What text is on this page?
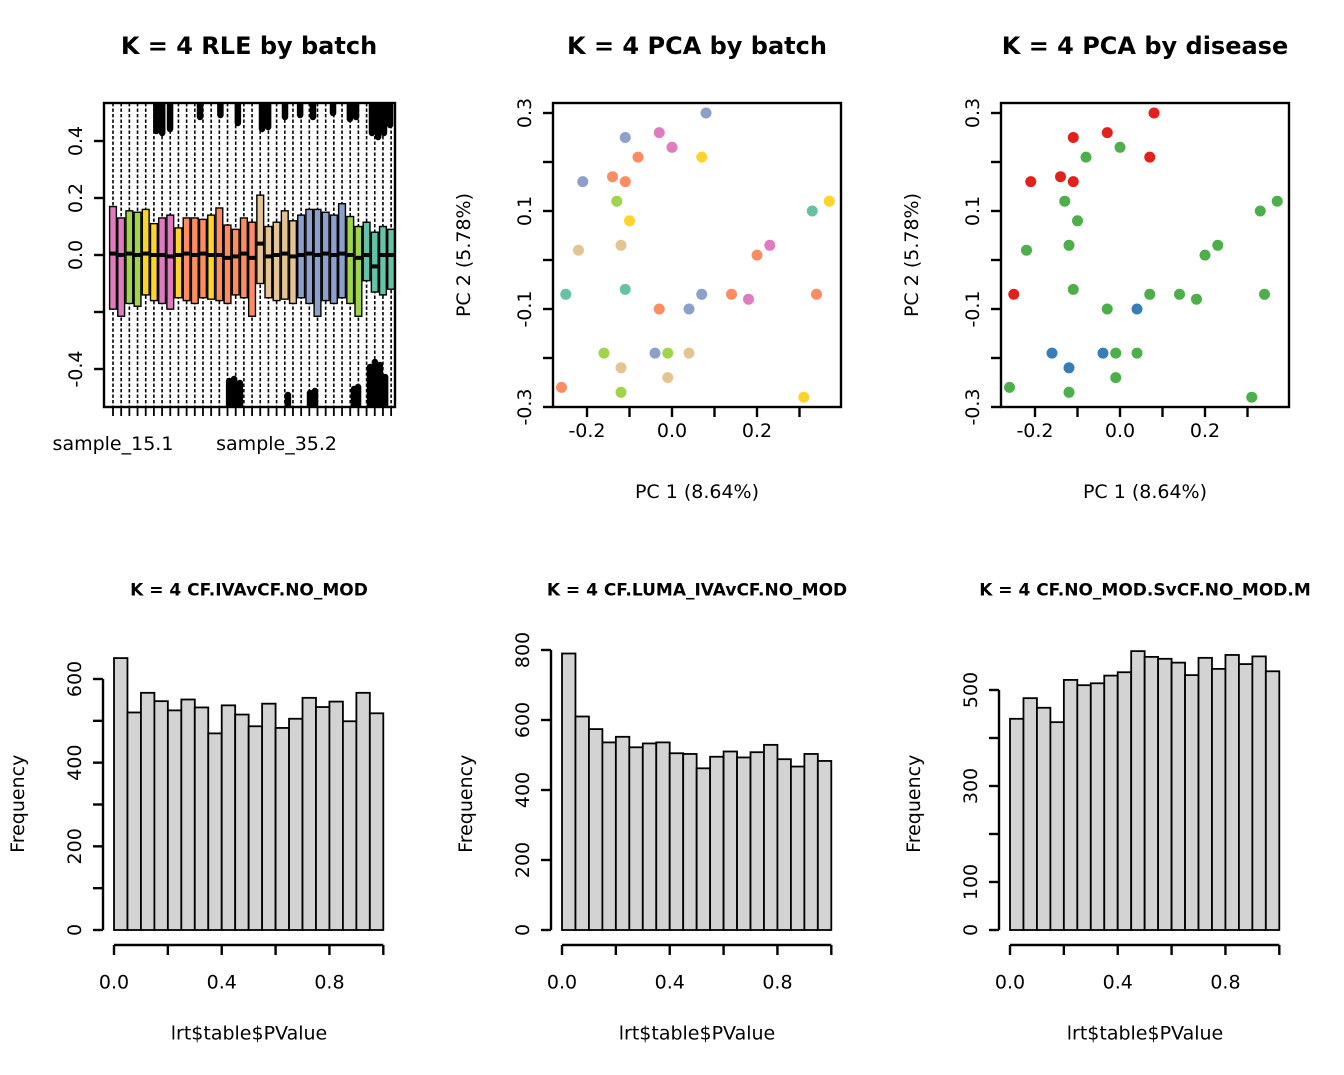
K = 4 RLE by batch
0.4
0.2
0.0
-0.4
sample_15.1 sample_35.2
K = 4 PCA by batch
-0.2	0.0	0.2
0.3
0.1
-0.1
-0.3
PC 1 (8.64%)
PC 2 (5.78%)
K = 4 PCA by disease
-0.2	0.0	0.2
0.3
0.1
-0.1
-0.3
PC 1 (8.64%)
PC 2 (5.78%)
K = 4 CF.IVAvCF.NO_MOD
0
200
400
600
0.0	0.4	0.8
lrt$table$PValue
Frequency
K = 4 CF.LUMA_IVAvCF.NO_MOD
0
200
400
600
800
0.0	0.4	0.8
lrt$table$PValue
Frequency
K = 4 CF.NO_MOD.SvCF.NO_MOD.M
0
100
300
500
0.0	0.4	0.8
lrt$table$PValue
Frequency
